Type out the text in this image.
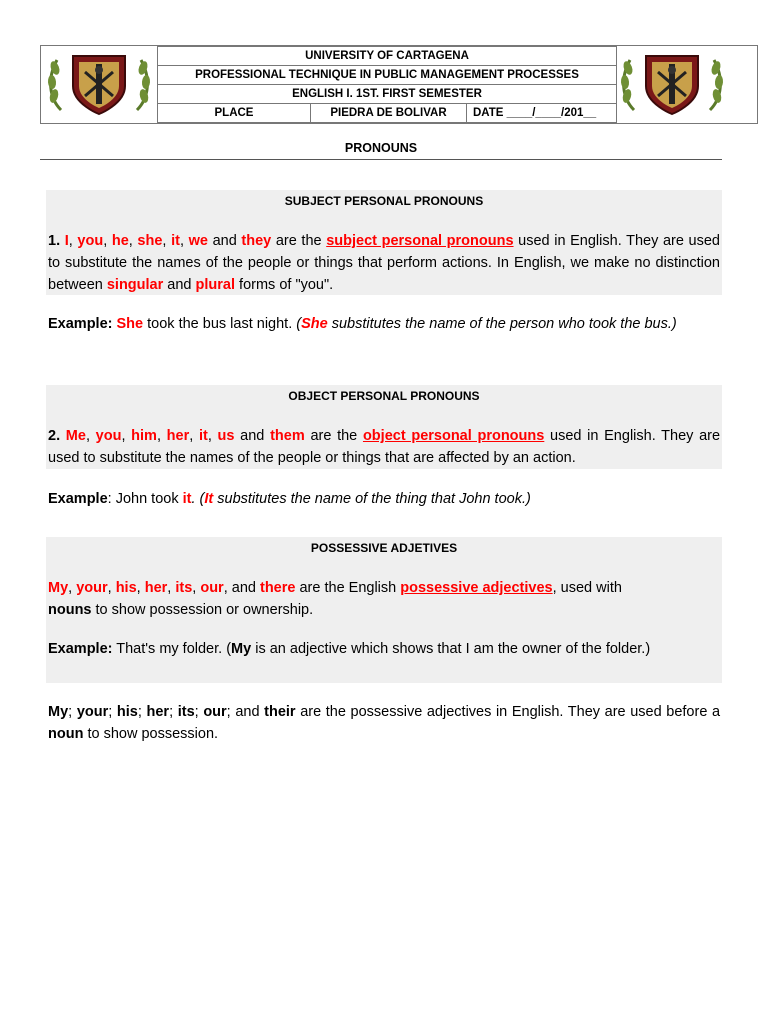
UNIVERSITY OF CARTAGENA
PROFESSIONAL TECHNIQUE IN PUBLIC MANAGEMENT PROCESSES
ENGLISH I. 1ST. FIRST SEMESTER
PLACE	PIEDRA DE BOLIVAR	DATE ____/____/201__
PRONOUNS
SUBJECT PERSONAL PRONOUNS

1. I, you, he, she, it, we and they are the subject personal pronouns used in English. They are used to substitute the names of the people or things that perform actions. In English, we make no distinction between singular and plural forms of "you".

Example: She took the bus last night. (She substitutes the name of the person who took the bus.)

OBJECT PERSONAL PRONOUNS

2. Me, you, him, her, it, us and them are the object personal pronouns used in English. They are used to substitute the names of the people or things that are affected by an action.

Example: John took it. (It substitutes the name of the thing that John took.)

POSSESSIVE ADJETIVES

My, your, his, her, its, our, and there are the English possessive adjectives, used with nouns to show possession or ownership.

Example: That's my folder. (My is an adjective which shows that I am the owner of the folder.)

My; your; his; her; its; our; and their are the possessive adjectives in English. They are used before a noun to show possession.
